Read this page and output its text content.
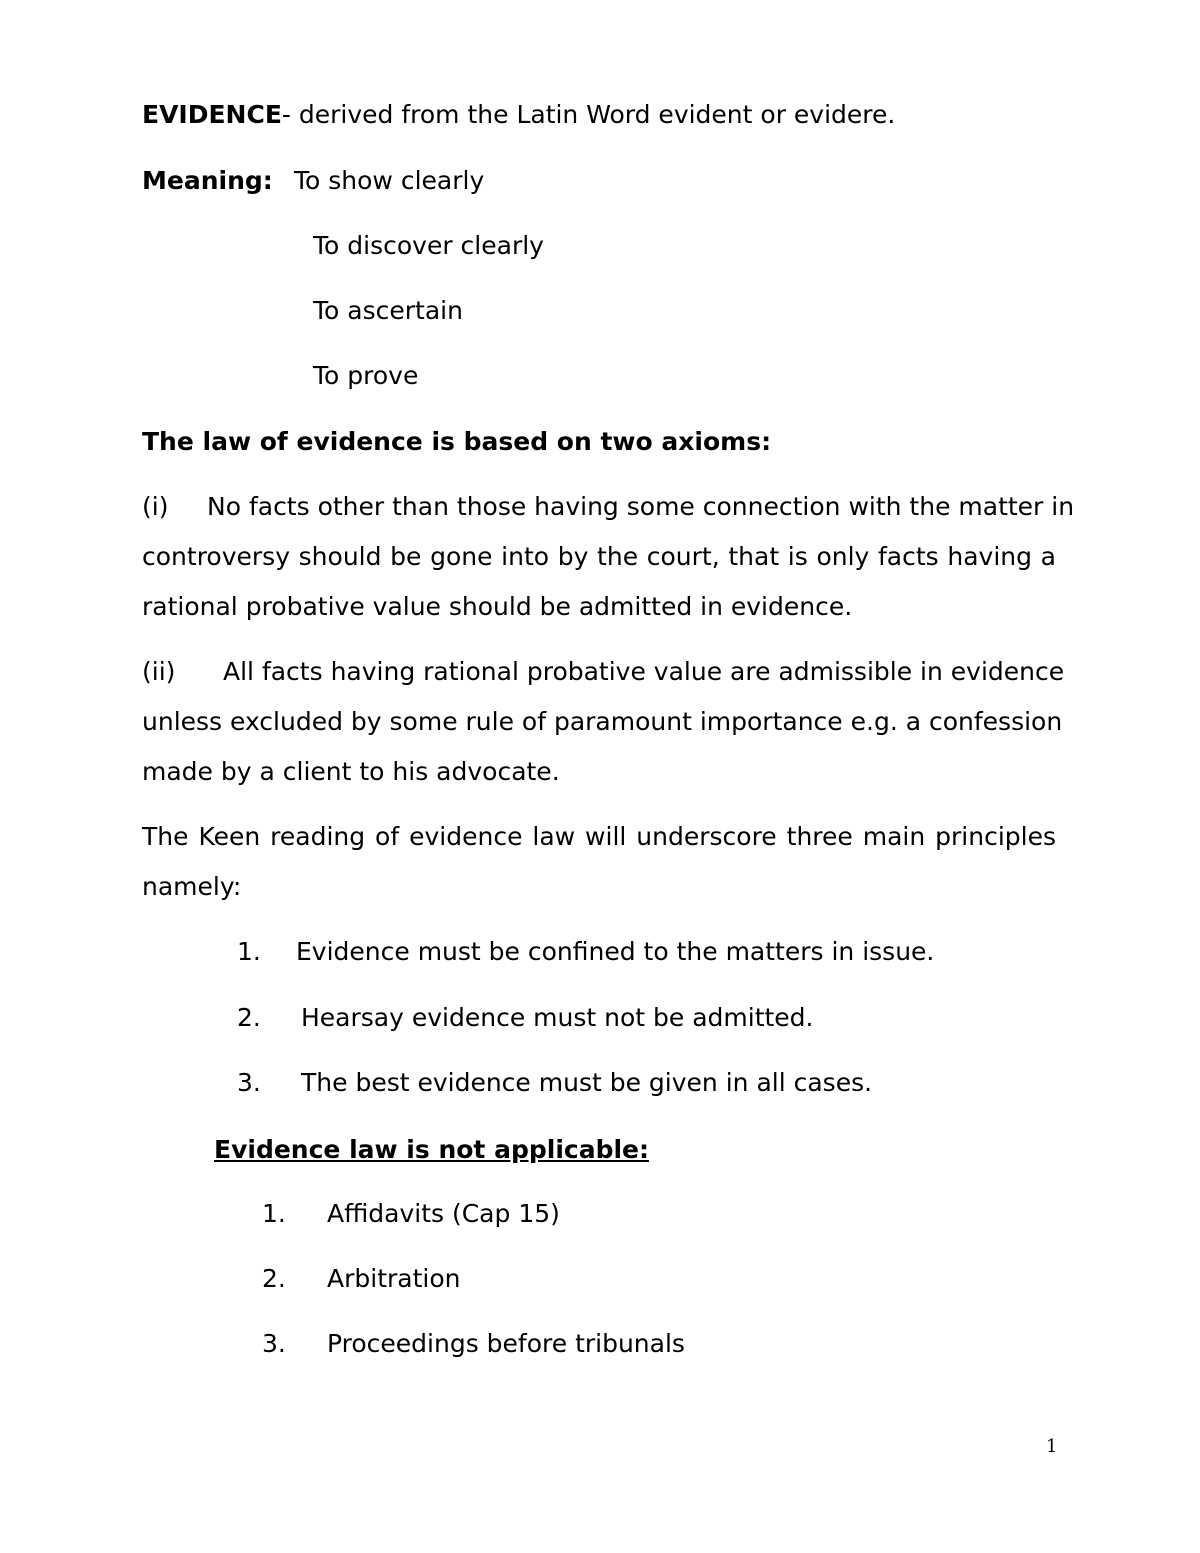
EVIDENCE- derived from the Latin Word evident or evidere.
Meaning: To show clearly
To discover clearly
To ascertain
To prove
The law of evidence is based on two axioms:
(i) No facts other than those having some connection with the matter in
controversy should be gone into by the court, that is only facts having a
rational probative value should be admitted in evidence.
(ii) All facts having rational probative value are admissible in evidence
unless excluded by some rule of paramount importance e.g. a confession
made by a client to his advocate.
The Keen reading of evidence law will underscore three main principles
namely:
1. Evidence must be confined to the matters in issue.
2. Hearsay evidence must not be admitted.
3. The best evidence must be given in all cases.
Evidence law is not applicable:
1. Affidavits (Cap 15)
2. Arbitration
3. Proceedings before tribunals
1
